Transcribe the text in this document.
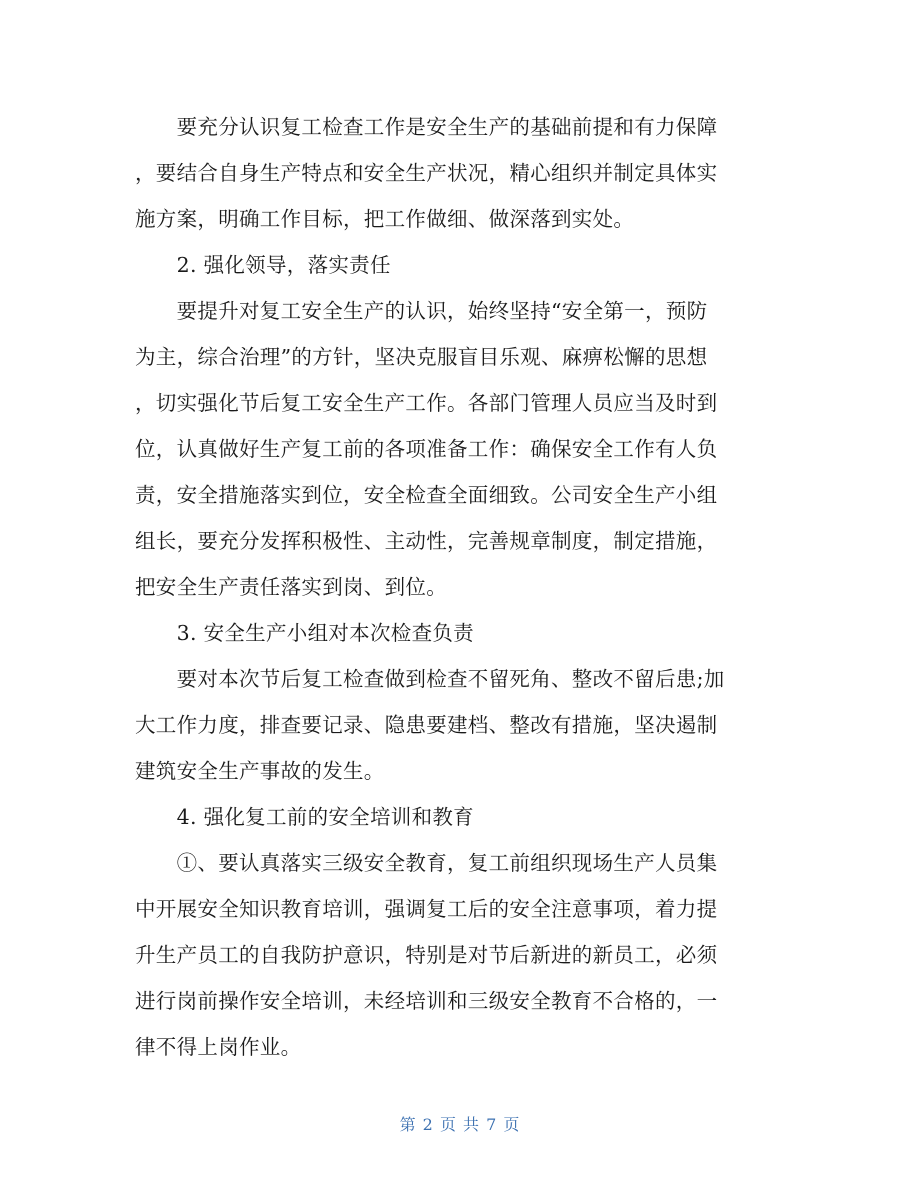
　　要充分认识复工检查工作是安全生产的基础前提和有力保障
，要结合自身生产特点和安全生产状况，精心组织并制定具体实
施方案，明确工作目标，把工作做细、做深落到实处。
　　2. 强化领导，落实责任
　　要提升对复工安全生产的认识，始终坚持“安全第一，预防
为主，综合治理”的方针，坚决克服盲目乐观、麻痹松懈的思想
，切实强化节后复工安全生产工作。各部门管理人员应当及时到
位，认真做好生产复工前的各项准备工作：确保安全工作有人负
责，安全措施落实到位，安全检查全面细致。公司安全生产小组
组长，要充分发挥积极性、主动性，完善规章制度，制定措施，
把安全生产责任落实到岗、到位。
　　3. 安全生产小组对本次检查负责
　　要对本次节后复工检查做到检查不留死角、整改不留后患;加
大工作力度，排查要记录、隐患要建档、整改有措施，坚决遏制
建筑安全生产事故的发生。
　　4. 强化复工前的安全培训和教育
　　①、要认真落实三级安全教育，复工前组织现场生产人员集
中开展安全知识教育培训，强调复工后的安全注意事项，着力提
升生产员工的自我防护意识，特别是对节后新进的新员工，必须
进行岗前操作安全培训，未经培训和三级安全教育不合格的，一
律不得上岗作业。
第 2 页 共 7 页
